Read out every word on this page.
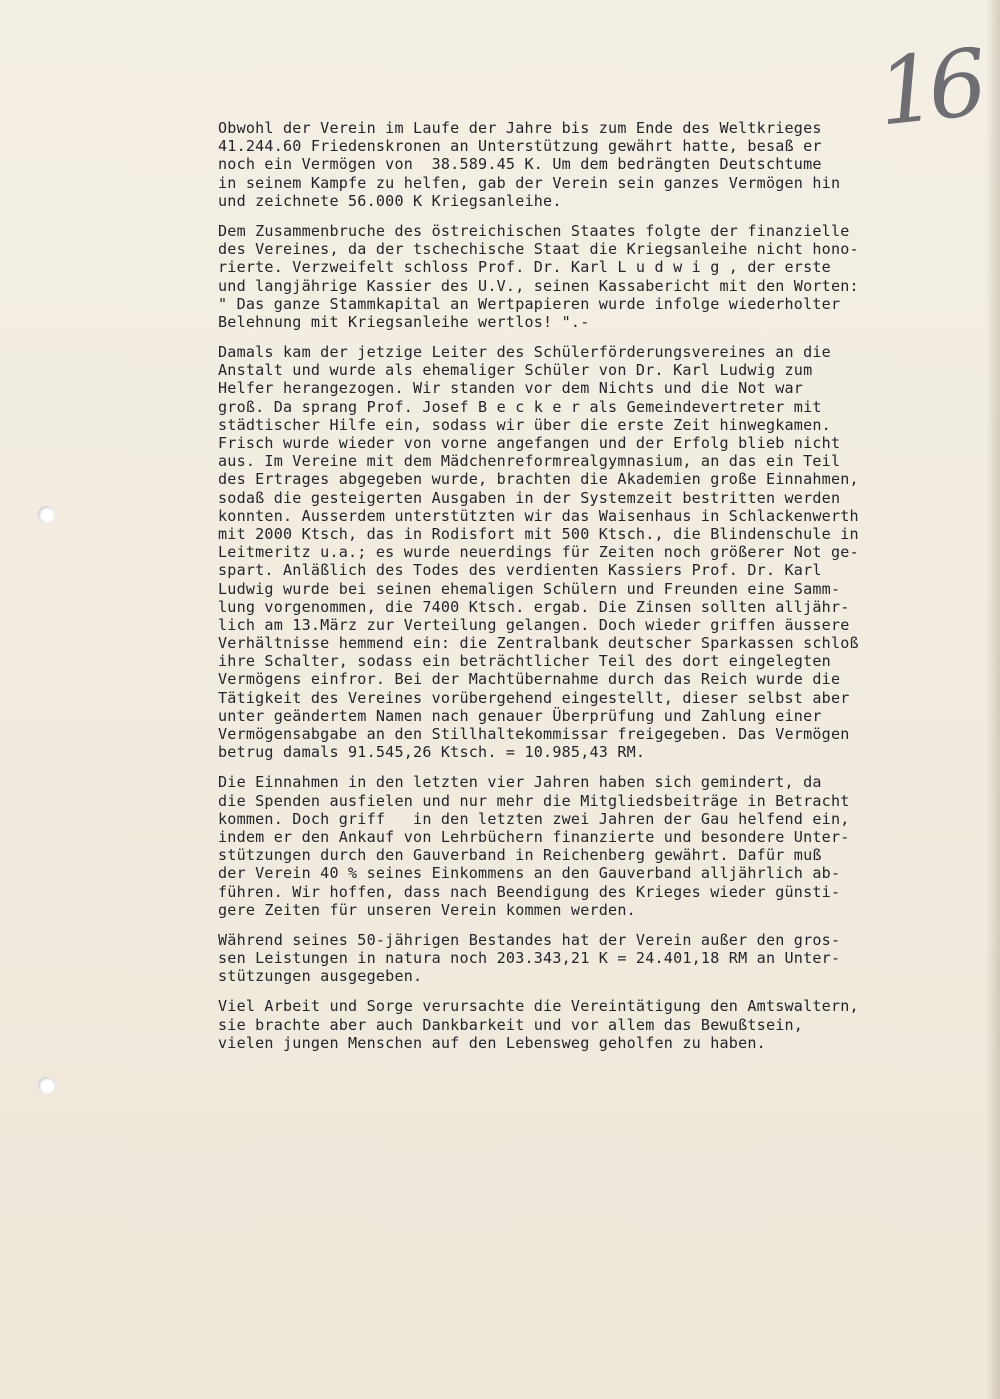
16
Obwohl der Verein im Laufe der Jahre bis zum Ende des Weltkrieges
41.244.60 Friedenskronen an Unterstützung gewährt hatte, besaß er
noch ein Vermögen von  38.589.45 K. Um dem bedrängten Deutschtume
in seinem Kampfe zu helfen, gab der Verein sein ganzes Vermögen hin
und zeichnete 56.000 K Kriegsanleihe.
Dem Zusammenbruche des östreichischen Staates folgte der finanzielle
des Vereines, da der tschechische Staat die Kriegsanleihe nicht hono-
rierte. Verzweifelt schloss Prof. Dr. Karl L u d w i g , der erste
und langjährige Kassier des U.V., seinen Kassabericht mit den Worten:
" Das ganze Stammkapital an Wertpapieren wurde infolge wiederholter
Belehnung mit Kriegsanleihe wertlos! ".-
Damals kam der jetzige Leiter des Schülerförderungsvereines an die
Anstalt und wurde als ehemaliger Schüler von Dr. Karl Ludwig zum
Helfer herangezogen. Wir standen vor dem Nichts und die Not war
groß. Da sprang Prof. Josef B e c k e r als Gemeindevertreter mit
städtischer Hilfe ein, sodass wir über die erste Zeit hinwegkamen.
Frisch wurde wieder von vorne angefangen und der Erfolg blieb nicht
aus. Im Vereine mit dem Mädchenreformrealgymnasium, an das ein Teil
des Ertrages abgegeben wurde, brachten die Akademien große Einnahmen,
sodaß die gesteigerten Ausgaben in der Systemzeit bestritten werden
konnten. Ausserdem unterstützten wir das Waisenhaus in Schlackenwerth
mit 2000 Ktsch, das in Rodisfort mit 500 Ktsch., die Blindenschule in
Leitmeritz u.a.; es wurde neuerdings für Zeiten noch größerer Not ge-
spart. Anläßlich des Todes des verdienten Kassiers Prof. Dr. Karl
Ludwig wurde bei seinen ehemaligen Schülern und Freunden eine Samm-
lung vorgenommen, die 7400 Ktsch. ergab. Die Zinsen sollten alljähr-
lich am 13.März zur Verteilung gelangen. Doch wieder griffen äussere
Verhältnisse hemmend ein: die Zentralbank deutscher Sparkassen schloß
ihre Schalter, sodass ein beträchtlicher Teil des dort eingelegten
Vermögens einfror. Bei der Machtübernahme durch das Reich wurde die
Tätigkeit des Vereines vorübergehend eingestellt, dieser selbst aber
unter geändertem Namen nach genauer Überprüfung und Zahlung einer
Vermögensabgabe an den Stillhaltekommissar freigegeben. Das Vermögen
betrug damals 91.545,26 Ktsch. = 10.985,43 RM.
Die Einnahmen in den letzten vier Jahren haben sich gemindert, da
die Spenden ausfielen und nur mehr die Mitgliedsbeiträge in Betracht
kommen. Doch griff   in den letzten zwei Jahren der Gau helfend ein,
indem er den Ankauf von Lehrbüchern finanzierte und besondere Unter-
stützungen durch den Gauverband in Reichenberg gewährt. Dafür muß
der Verein 40 % seines Einkommens an den Gauverband alljährlich ab-
führen. Wir hoffen, dass nach Beendigung des Krieges wieder günsti-
gere Zeiten für unseren Verein kommen werden.
Während seines 50-jährigen Bestandes hat der Verein außer den gros-
sen Leistungen in natura noch 203.343,21 K = 24.401,18 RM an Unter-
stützungen ausgegeben.
Viel Arbeit und Sorge verursachte die Vereintätigung den Amtswaltern,
sie brachte aber auch Dankbarkeit und vor allem das Bewußtsein,
vielen jungen Menschen auf den Lebensweg geholfen zu haben.
